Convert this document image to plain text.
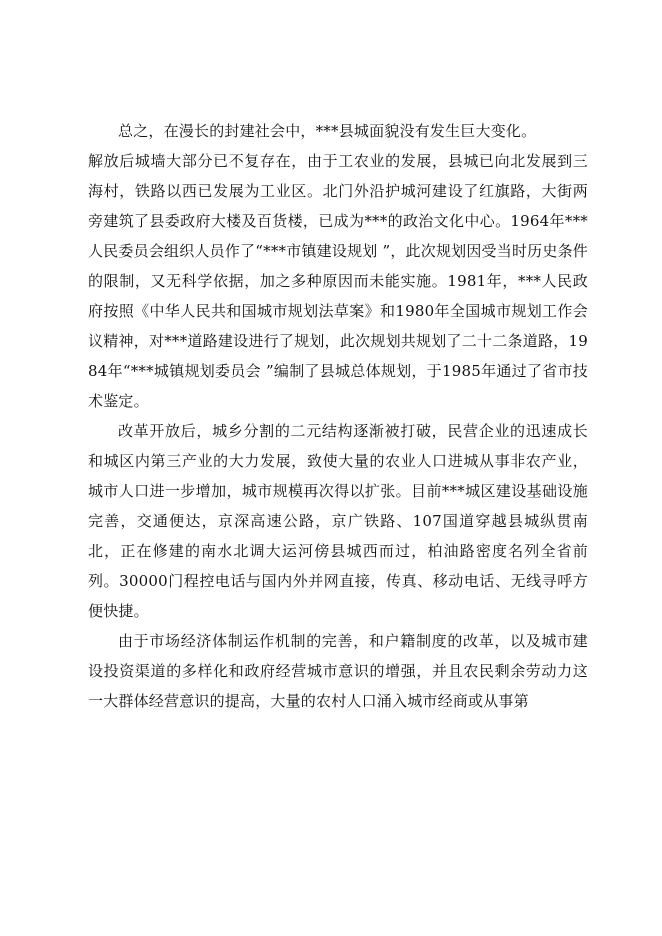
总之，在漫长的封建社会中，***县城面貌没有发生巨大变化。

解放后城墙大部分已不复存在，由于工农业的发展，县城已向北发展到三海村，铁路以西已发展为工业区。北门外沿护城河建设了红旗路，大街两旁建筑了县委政府大楼及百货楼，已成为***的政治文化中心。1964年***人民委员会组织人员作了“***市镇建设规划 ”，此次规划因受当时历史条件的限制，又无科学依据，加之多种原因而未能实施。1981年，***人民政府按照《中华人民共和国城市规划法草案》和1980年全国城市规划工作会议精神，对***道路建设进行了规划，此次规划共规划了二十二条道路，1984年“***城镇规划委员会 ”编制了县城总体规划，于1985年通过了省市技术鉴定。

改革开放后，城乡分割的二元结构逐渐被打破，民营企业的迅速成长和城区内第三产业的大力发展，致使大量的农业人口进城从事非农产业，城市人口进一步增加，城市规模再次得以扩张。目前***城区建设基础设施完善，交通便达，京深高速公路，京广铁路、107国道穿越县城纵贯南北，正在修建的南水北调大运河傍县城西而过，柏油路密度名列全省前列。30000门程控电话与国内外并网直接，传真、移动电话、无线寻呼方便快捷。

由于市场经济体制运作机制的完善，和户籍制度的改革，以及城市建设投资渠道的多样化和政府经营城市意识的增强，并且农民剩余劳动力这一大群体经营意识的提高，大量的农村人口涌入城市经商或从事第
